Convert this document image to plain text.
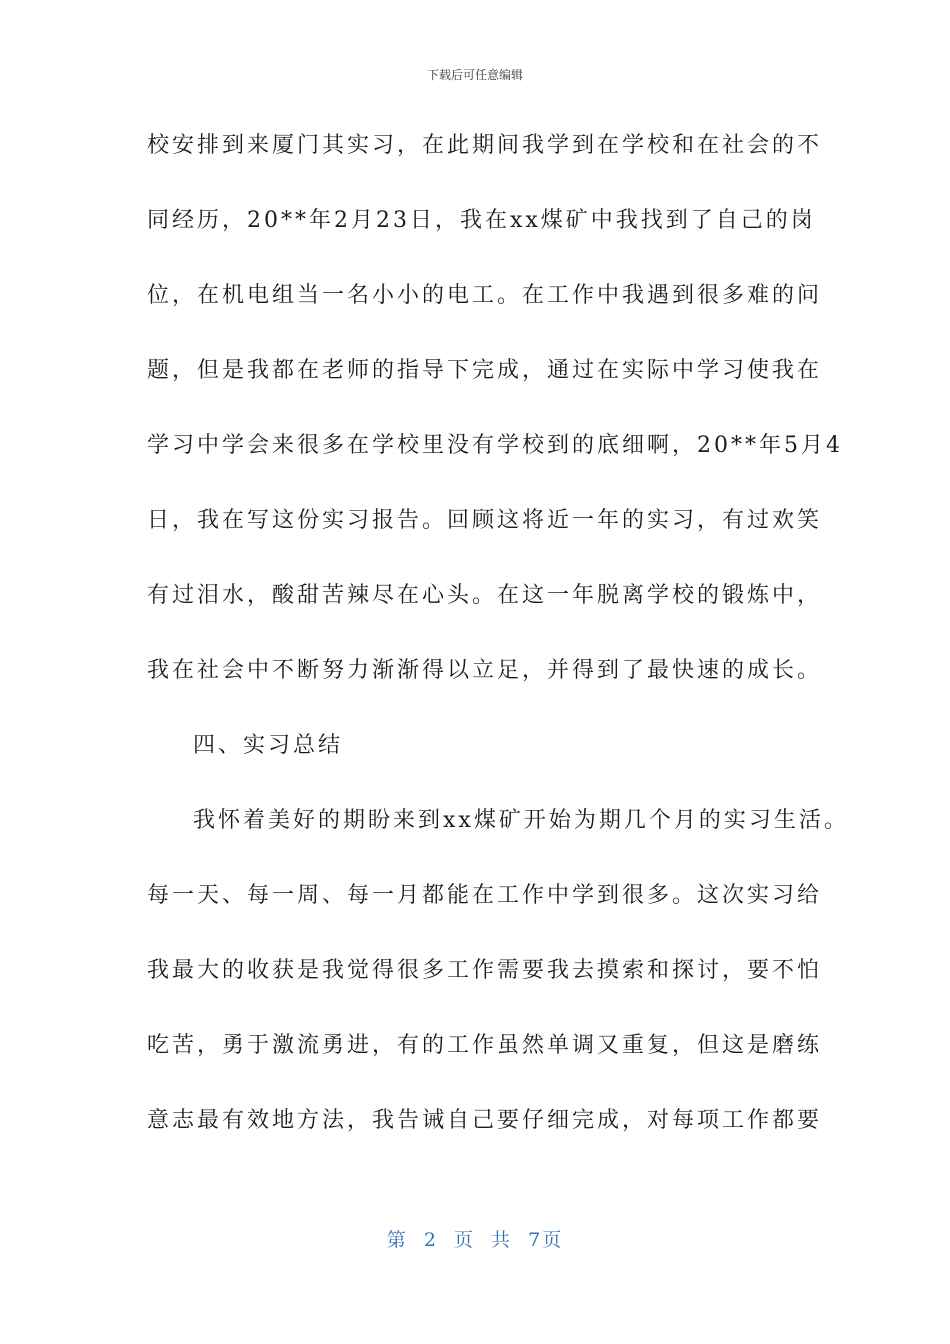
下载后可任意编辑
校安排到来厦门其实习，在此期间我学到在学校和在社会的不
同经历，20**年2月23日，我在xx煤矿中我找到了自己的岗
位，在机电组当一名小小的电工。在工作中我遇到很多难的问
题，但是我都在老师的指导下完成，通过在实际中学习使我在
学习中学会来很多在学校里没有学校到的底细啊，20**年5月4
日，我在写这份实习报告。回顾这将近一年的实习，有过欢笑
有过泪水，酸甜苦辣尽在心头。在这一年脱离学校的锻炼中，
我在社会中不断努力渐渐得以立足，并得到了最快速的成长。
四、实习总结
我怀着美好的期盼来到xx煤矿开始为期几个月的实习生活。
每一天、每一周、每一月都能在工作中学到很多。这次实习给
我最大的收获是我觉得很多工作需要我去摸索和探讨，要不怕
吃苦，勇于激流勇进，有的工作虽然单调又重复，但这是磨练
意志最有效地方法，我告诫自己要仔细完成，对每项工作都要
第 2 页 共 7页
